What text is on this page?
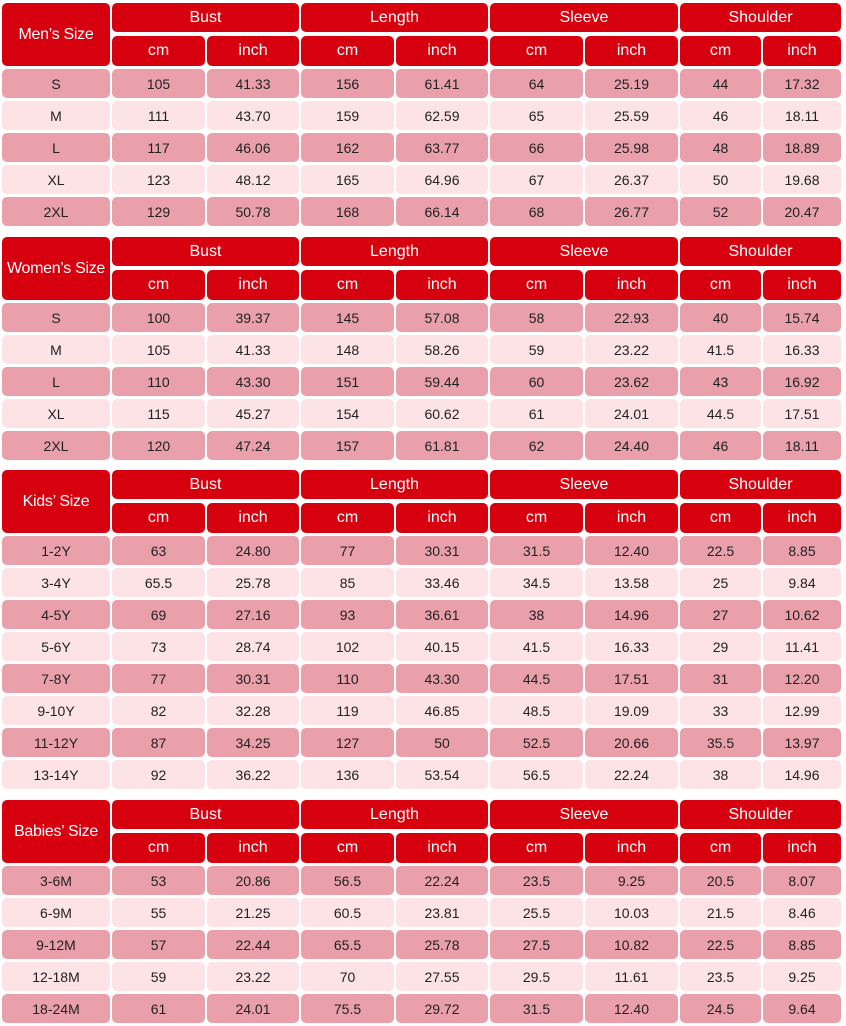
Men’s Size
Bust
cm	inch
Length
cm	inch
Sleeve
cm	inch
Shoulder
cm	inch
S	105	41.33	156	61.41	64	25.19	44	17.32
M	111	43.70	159	62.59	65	25.59	46	18.11
L	117	46.06	162	63.77	66	25.98	48	18.89
XL	123	48.12	165	64.96	67	26.37	50	19.68
2XL	129	50.78	168	66.14	68	26.77	52	20.47
Women’s Size
Bust
cm	inch
Length
cm	inch
Sleeve
cm	inch
Shoulder
cm	inch
S	100	39.37	145	57.08	58	22.93	40	15.74
M	105	41.33	148	58.26	59	23.22	41.5	16.33
L	110	43.30	151	59.44	60	23.62	43	16.92
XL	115	45.27	154	60.62	61	24.01	44.5	17.51
2XL	120	47.24	157	61.81	62	24.40	46	18.11
Kids’ Size
Bust
cm	inch
Length
cm	inch
Sleeve
cm	inch
Shoulder
cm	inch
1-2Y	63	24.80	77	30.31	31.5	12.40	22.5	8.85
3-4Y	65.5	25.78	85	33.46	34.5	13.58	25	9.84
4-5Y	69	27.16	93	36.61	38	14.96	27	10.62
5-6Y	73	28.74	102	40.15	41.5	16.33	29	11.41
7-8Y	77	30.31	110	43.30	44.5	17.51	31	12.20
9-10Y	82	32.28	119	46.85	48.5	19.09	33	12.99
11-12Y	87	34.25	127	50	52.5	20.66	35.5	13.97
13-14Y	92	36.22	136	53.54	56.5	22.24	38	14.96
Babies’ Size
Bust
cm	inch
Length
cm	inch
Sleeve
cm	inch
Shoulder
cm	inch
3-6M	53	20.86	56.5	22.24	23.5	9.25	20.5	8.07
6-9M	55	21.25	60.5	23.81	25.5	10.03	21.5	8.46
9-12M	57	22.44	65.5	25.78	27.5	10.82	22.5	8.85
12-18M	59	23.22	70	27.55	29.5	11.61	23.5	9.25
18-24M	61	24.01	75.5	29.72	31.5	12.40	24.5	9.64
